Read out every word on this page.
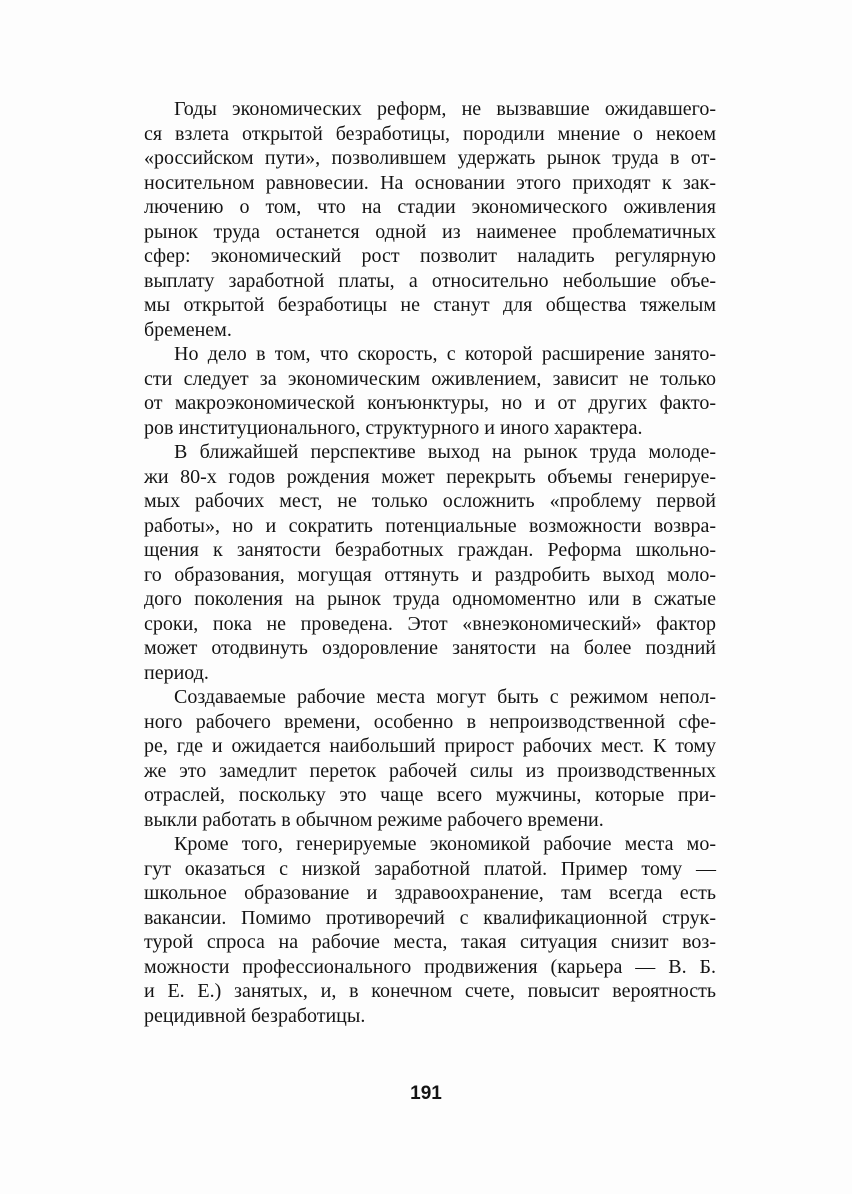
Годы экономических реформ, не вызвавшие ожидавшего-
ся взлета открытой безработицы, породили мнение о некоем
«российском пути», позволившем удержать рынок труда в от-
носительном равновесии. На основании этого приходят к зак-
лючению о том, что на стадии экономического оживления
рынок труда останется одной из наименее проблематичных
сфер: экономический рост позволит наладить регулярную
выплату заработной платы, а относительно небольшие объе-
мы открытой безработицы не станут для общества тяжелым
бременем.
Но дело в том, что скорость, с которой расширение занято-
сти следует за экономическим оживлением, зависит не только
от макроэкономической конъюнктуры, но и от других факто-
ров институционального, структурного и иного характера.
В ближайшей перспективе выход на рынок труда молоде-
жи 80-х годов рождения может перекрыть объемы генерируе-
мых рабочих мест, не только осложнить «проблему первой
работы», но и сократить потенциальные возможности возвра-
щения к занятости безработных граждан. Реформа школьно-
го образования, могущая оттянуть и раздробить выход моло-
дого поколения на рынок труда одномоментно или в сжатые
сроки, пока не проведена. Этот «внеэкономический» фактор
может отодвинуть оздоровление занятости на более поздний
период.
Создаваемые рабочие места могут быть с режимом непол-
ного рабочего времени, особенно в непроизводственной сфе-
ре, где и ожидается наибольший прирост рабочих мест. К тому
же это замедлит переток рабочей силы из производственных
отраслей, поскольку это чаще всего мужчины, которые при-
выкли работать в обычном режиме рабочего времени.
Кроме того, генерируемые экономикой рабочие места мо-
гут оказаться с низкой заработной платой. Пример тому —
школьное образование и здравоохранение, там всегда есть
вакансии. Помимо противоречий с квалификационной струк-
турой спроса на рабочие места, такая ситуация снизит воз-
можности профессионального продвижения (карьера — В. Б.
и Е. Е.) занятых, и, в конечном счете, повысит вероятность
рецидивной безработицы.
191
